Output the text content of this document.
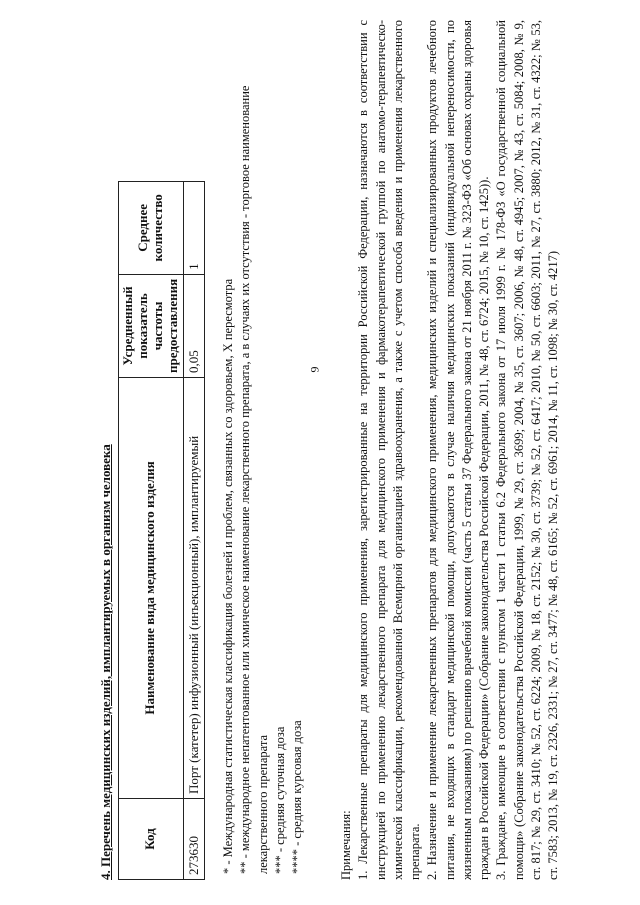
9
4. Перечень медицинских изделий, имплантируемых в организм человека Код	Наименование вида медицинского изделия	Усредненный показатель частоты предоставления	Среднее количество
273630	Порт (катетер) инфузионный (инъекционный), имплантируемый	0,05	1
* - Международная статистическая классификация болезней и проблем, связанных со здоровьем, X пересмотра ** - международное непатентованное или химическое наименование лекарственного препарата, а в случаях их отсутствия - торговое наименование лекарственного препарата *** - средняя суточная доза **** - средняя курсовая доза	Примечания: 1. Лекарственные препараты для медицинского применения, зарегистрированные на территории Российской Федерации, назначаются в соответствии с инструкцией по применению лекарственного препарата для медицинского применения и фармакотерапевтической группой по анатомо-терапевтическо-химической классификации, рекомендованной Всемирной организацией здравоохранения, а также с учетом способа введения и применения лекарственного препарата. 2. Назначение и применение лекарственных препаратов для медицинского применения, медицинских изделий и специализированных продуктов лечебного питания, не входящих в стандарт медицинской помощи, допускаются в случае наличия медицинских показаний (индивидуальной непереносимости, по жизненным показаниям) по решению врачебной комиссии (часть 5 статьи 37 Федерального закона от 21 ноября 2011 г. № 323-ФЗ «Об основах охраны здоровья граждан в Российской Федерации» (Собрание законодательства Российской Федерации, 2011, № 48, ст. 6724; 2015, № 10, ст. 1425)). 3. Граждане, имеющие в соответствии с пунктом 1 части 1 статьи 6.2 Федерального закона от 17 июля 1999 г. № 178-ФЗ «О государственной социальной помощи» (Собрание законодательства Российской Федерации, 1999, № 29, ст. 3699; 2004, № 35, ст. 3607; 2006, № 48, ст. 4945; 2007, № 43, ст. 5084; 2008, № 9, ст. 817; № 29, ст. 3410; № 52, ст. 6224; 2009, № 18, ст. 2152; № 30, ст. 3739; № 52, ст. 6417; 2010, № 50, ст. 6603; 2011, № 27, ст. 3880; 2012, № 31, ст. 4322; № 53, ст. 7583; 2013, № 19, ст. 2326, 2331; № 27, ст. 3477; № 48, ст. 6165; № 52, ст. 6961; 2014, № 11, ст. 1098; № 30, ст. 4217)
